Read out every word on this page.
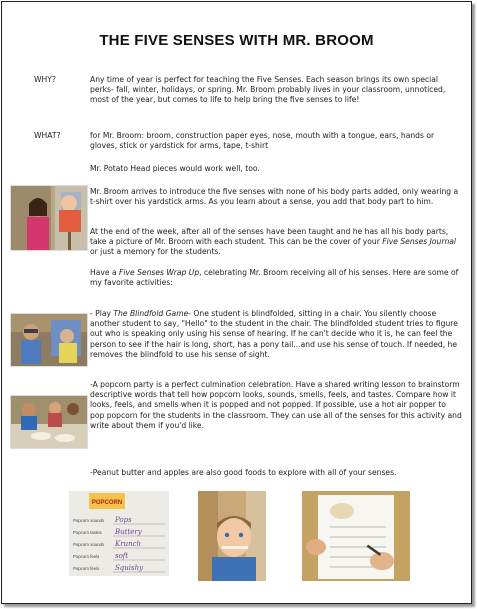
THE FIVE SENSES WITH MR. BROOM
WHY?	Any time of year is perfect for teaching the Five Senses. Each season brings its own special perks- fall, winter, holidays, or spring. Mr. Broom probably lives in your classroom, unnoticed, most of the year, but comes to life to help bring the five senses to life!

WHAT?	for Mr. Broom: broom, construction paper eyes, nose, mouth with a tongue, ears, hands or gloves, stick or yardstick for arms, tape, t-shirt

Mr. Potato Head pieces would work well, too.

Mr. Broom arrives to introduce the five senses with none of his body parts added, only wearing a t-shirt over his yardstick arms. As you learn about a sense, you add that body part to him.

At the end of the week, after all of the senses have been taught and he has all his body parts, take a picture of Mr. Broom with each student. This can be the cover of your Five Senses Journal or just a memory for the students.

Have a Five Senses Wrap Up, celebrating Mr. Broom receiving all of his senses. Here are some of my favorite activities:

- Play The Blindfold Game- One student is blindfolded, sitting in a chair. You silently choose another student to say, "Hello" to the student in the chair. The blindfolded student tries to figure out who is speaking only using his sense of hearing. If he can't decide who it is, he can feel the person to see if the hair is long, short, has a pony tail...and use his sense of touch. If needed, he removes the blindfold to use his sense of sight.

-A popcorn party is a perfect culmination celebration. Have a shared writing lesson to brainstorm descriptive words that tell how popcorn looks, sounds, smells, feels, and tastes. Compare how it looks, feels, and smells when it is popped and not popped. If possible, use a hot air popper to pop popcorn for the students in the classroom. They can use all of the senses for this activity and write about them if you'd like.

-Peanut butter and apples are also good foods to explore with all of your senses.

POPCORN
Popcorn sounds
Popcorn tastes
Popcorn sounds
Popcorn feels
Popcorn feels
Pops
Buttery
Krunch
soft
Squishy
